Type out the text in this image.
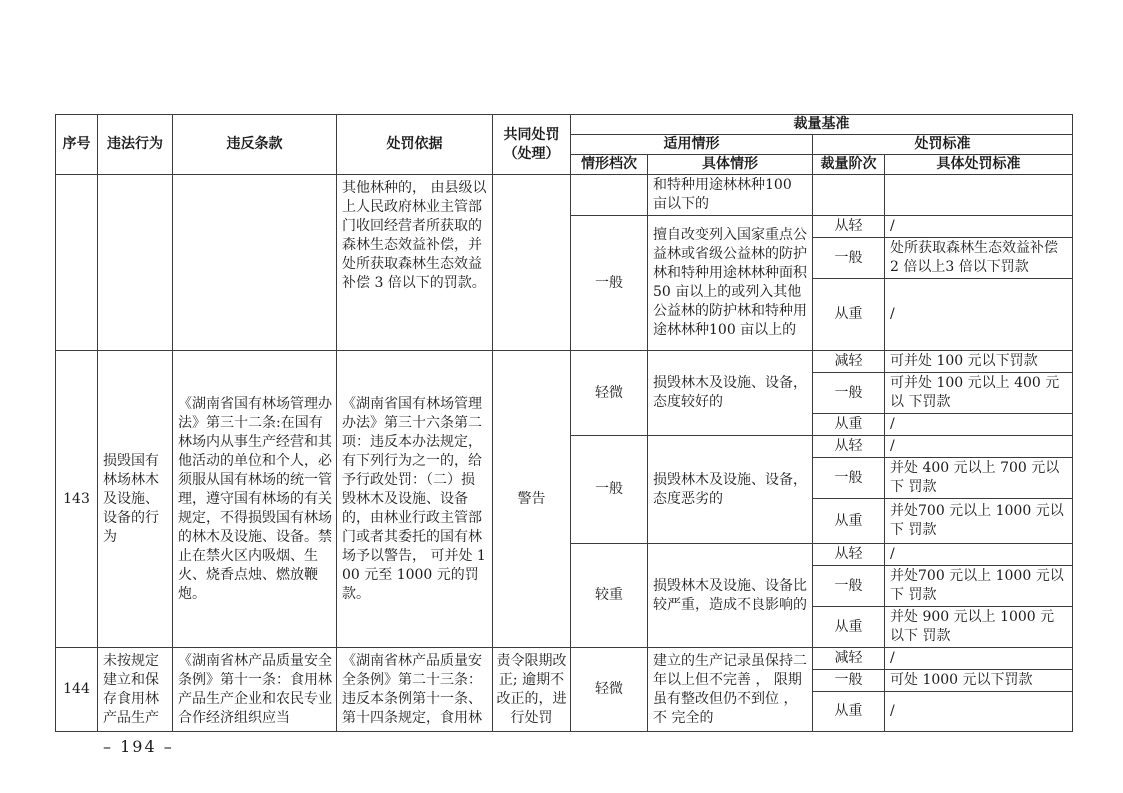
序号	违法行为	违反条款	处罚依据	共同处罚（处理）	裁量基准			
					适用情形		处罚标准	
					情形档次	具体情形	裁量阶次	具体处罚标准
			其他林种的， 由县级以 上人民政府林业主管部 门收回经营者所获取的 森林生态效益补偿，并 处所获取森林生态效益 补偿 3 倍以下的罚款。			和特种用途林林种100 亩以下的		
					一般	擅自改变列入国家重点公益林或省级公益林的防护林和特种用途林林种面积 50 亩以上的或列入其他公益林的防护林和特种用途林林种100 亩以上的	从轻	/
							一般	处所获取森林生态效益补偿 2 倍以上3 倍以下罚款
							从重	/
143	损毁国有林场林木及设施、设备的行为	《湖南省国有林场管理办法》第三十二条:在国有林场内从事生产经营和其他活动的单位和个人，必须服从国有林场的统一管理，遵守国有林场的有关规定，不得损毁国有林场的林木及设施、设备。禁止在禁火区内吸烟、生火、烧香点烛、燃放鞭炮。	《湖南省国有林场管理办法》第三十六条第二项：违反本办法规定，有下列行为之一的，给予行政处罚：（二）损毁林木及设施、设备的，由林业行政主管部门或者其委托的国有林场予以警告， 可并处 100 元至 1000 元的罚款。	警告	轻微	损毁林木及设施、设备，态度较好的	减轻	可并处 100 元以下罚款
							一般	可并处 100 元以上 400 元以 下罚款
							从重	/
					一般	损毁林木及设施、设备，态度恶劣的	从轻	/
							一般	并处 400 元以上 700 元以下 罚款
							从重	并处700 元以上 1000 元以下 罚款
					较重	损毁林木及设施、设备比较严重，造成不良影响的	从轻	/
							一般	并处700 元以上 1000 元以下 罚款
							从重	并处 900 元以上 1000 元以下 罚款
144	未按规定建立和保存食用林产品生产	《湖南省林产品质量安全条例》第十一条：食用林产品生产企业和农民专业合作经济组织应当	《湖南省林产品质量安全条例》第二十三条：违反本条例第十一条、第十四条规定，食用林	责令限期改正; 逾期不改正的，进行处罚	轻微	建立的生产记录虽保持二年以上但不完善 ， 限期 虽有整改但仍不到位 ， 不 完全的	减轻	/
							一般	可处 1000 元以下罚款
							从重	/
– 194 –
